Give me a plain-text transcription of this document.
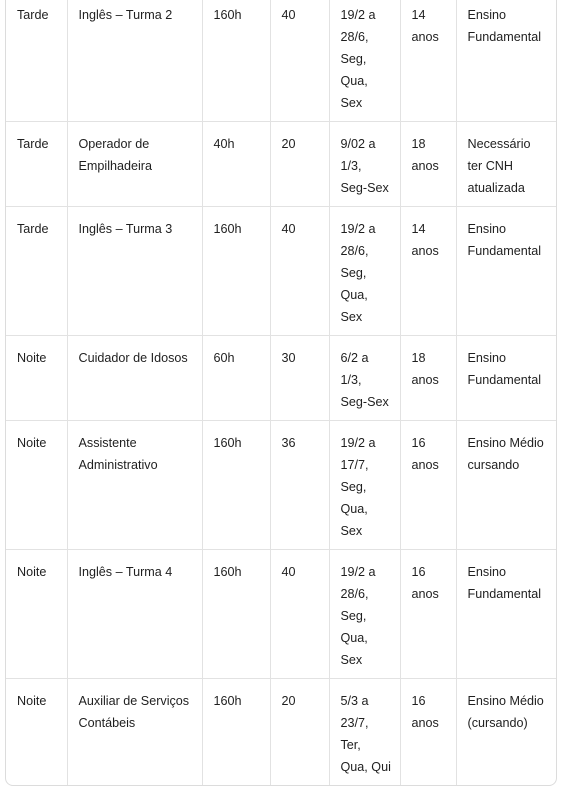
Tarde	Inglês – Turma 2	160h	40	19/2 a 28/6, Seg, Qua, Sex	14 anos	Ensino Fundamental
Tarde	Operador de Empilhadeira	40h	20	9/02 a 1/3, Seg-Sex	18 anos	Necessário ter CNH atualizada
Tarde	Inglês – Turma 3	160h	40	19/2 a 28/6, Seg, Qua, Sex	14 anos	Ensino Fundamental
Noite	Cuidador de Idosos	60h	30	6/2 a 1/3, Seg-Sex	18 anos	Ensino Fundamental
Noite	Assistente Administrativo	160h	36	19/2 a 17/7, Seg, Qua, Sex	16 anos	Ensino Médio cursando
Noite	Inglês – Turma 4	160h	40	19/2 a 28/6, Seg, Qua, Sex	16 anos	Ensino Fundamental
Noite	Auxiliar de Serviços Contábeis	160h	20	5/3 a 23/7, Ter, Qua, Qui	16 anos	Ensino Médio (cursando)
